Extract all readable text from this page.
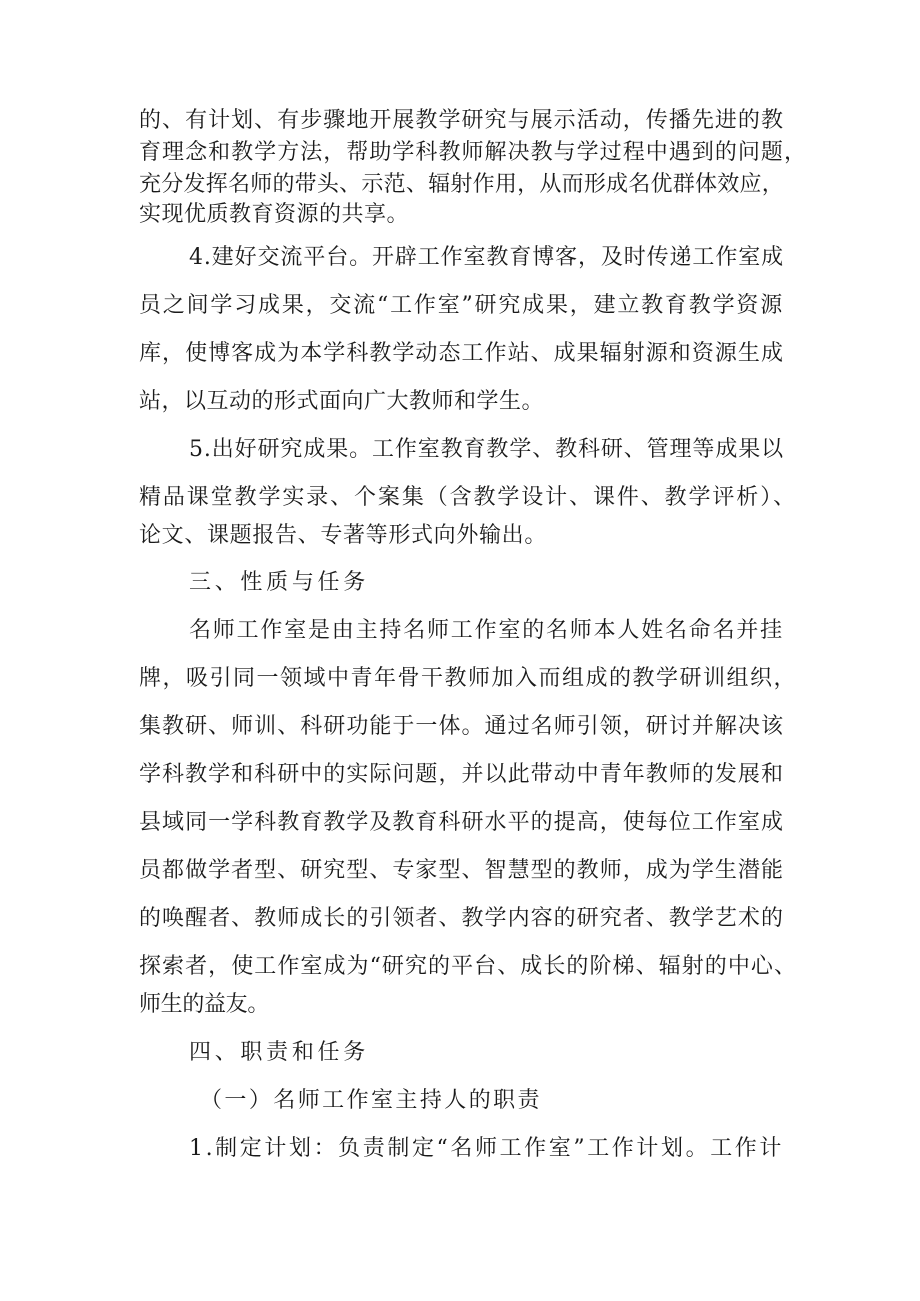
的、有计划、有步骤地开展教学研究与展示活动，传播先进的教
育理念和教学方法，帮助学科教师解决教与学过程中遇到的问题，
充分发挥名师的带头、示范、辐射作用，从而形成名优群体效应，
实现优质教育资源的共享。
4.建好交流平台。开辟工作室教育博客，及时传递工作室成
员之间学习成果，交流“工作室”研究成果，建立教育教学资源
库，使博客成为本学科教学动态工作站、成果辐射源和资源生成
站，以互动的形式面向广大教师和学生。
5.出好研究成果。工作室教育教学、教科研、管理等成果以
精品课堂教学实录、个案集（含教学设计、课件、教学评析）、
论文、课题报告、专著等形式向外输出。
三、性质与任务
名师工作室是由主持名师工作室的名师本人姓名命名并挂
牌，吸引同一领域中青年骨干教师加入而组成的教学研训组织，
集教研、师训、科研功能于一体。通过名师引领，研讨并解决该
学科教学和科研中的实际问题，并以此带动中青年教师的发展和
县域同一学科教育教学及教育科研水平的提高，使每位工作室成
员都做学者型、研究型、专家型、智慧型的教师，成为学生潜能
的唤醒者、教师成长的引领者、教学内容的研究者、教学艺术的
探索者，使工作室成为“研究的平台、成长的阶梯、辐射的中心、
师生的益友。
四、职责和任务
（一）名师工作室主持人的职责
1.制定计划：负责制定“名师工作室”工作计划。工作计
